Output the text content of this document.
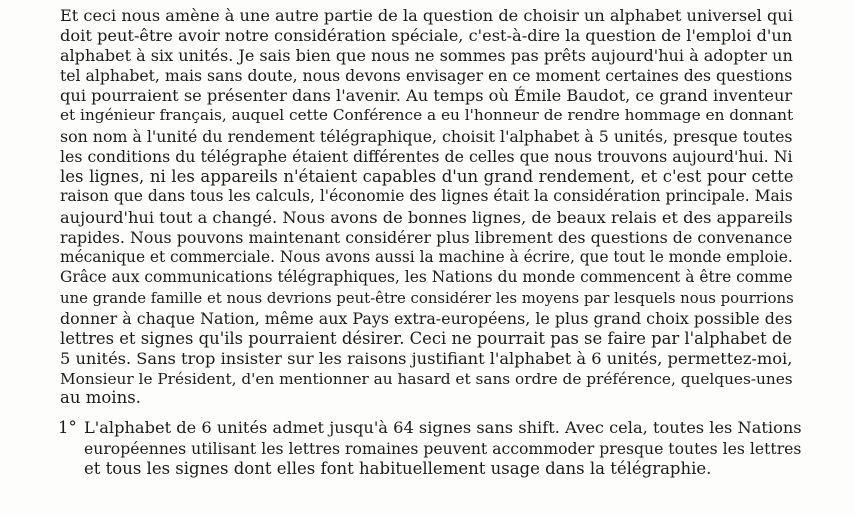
Et ceci nous amène à une autre partie de la question de choisir un alphabet universel qui
doit peut-être avoir notre considération spéciale, c'est-à-dire la question de l'emploi d'un
alphabet à six unités. Je sais bien que nous ne sommes pas prêts aujourd'hui à adopter un
tel alphabet, mais sans doute, nous devons envisager en ce moment certaines des questions
qui pourraient se présenter dans l'avenir. Au temps où Émile Baudot, ce grand inventeur
et ingénieur français, auquel cette Conférence a eu l'honneur de rendre hommage en donnant
son nom à l'unité du rendement télégraphique, choisit l'alphabet à 5 unités, presque toutes
les conditions du télégraphe étaient différentes de celles que nous trouvons aujourd'hui. Ni
les lignes, ni les appareils n'étaient capables d'un grand rendement, et c'est pour cette
raison que dans tous les calculs, l'économie des lignes était la considération principale. Mais
aujourd'hui tout a changé. Nous avons de bonnes lignes, de beaux relais et des appareils
rapides. Nous pouvons maintenant considérer plus librement des questions de convenance
mécanique et commerciale. Nous avons aussi la machine à écrire, que tout le monde emploie.
Grâce aux communications télégraphiques, les Nations du monde commencent à être comme
une grande famille et nous devrions peut-être considérer les moyens par lesquels nous pourrions
donner à chaque Nation, même aux Pays extra-européens, le plus grand choix possible des
lettres et signes qu'ils pourraient désirer. Ceci ne pourrait pas se faire par l'alphabet de
5 unités. Sans trop insister sur les raisons justifiant l'alphabet à 6 unités, permettez-moi,
Monsieur le Président, d'en mentionner au hasard et sans ordre de préférence, quelques-unes
au moins.
1° L'alphabet de 6 unités admet jusqu'à 64 signes sans shift. Avec cela, toutes les Nations
européennes utilisant les lettres romaines peuvent accommoder presque toutes les lettres
et tous les signes dont elles font habituellement usage dans la télégraphie.
